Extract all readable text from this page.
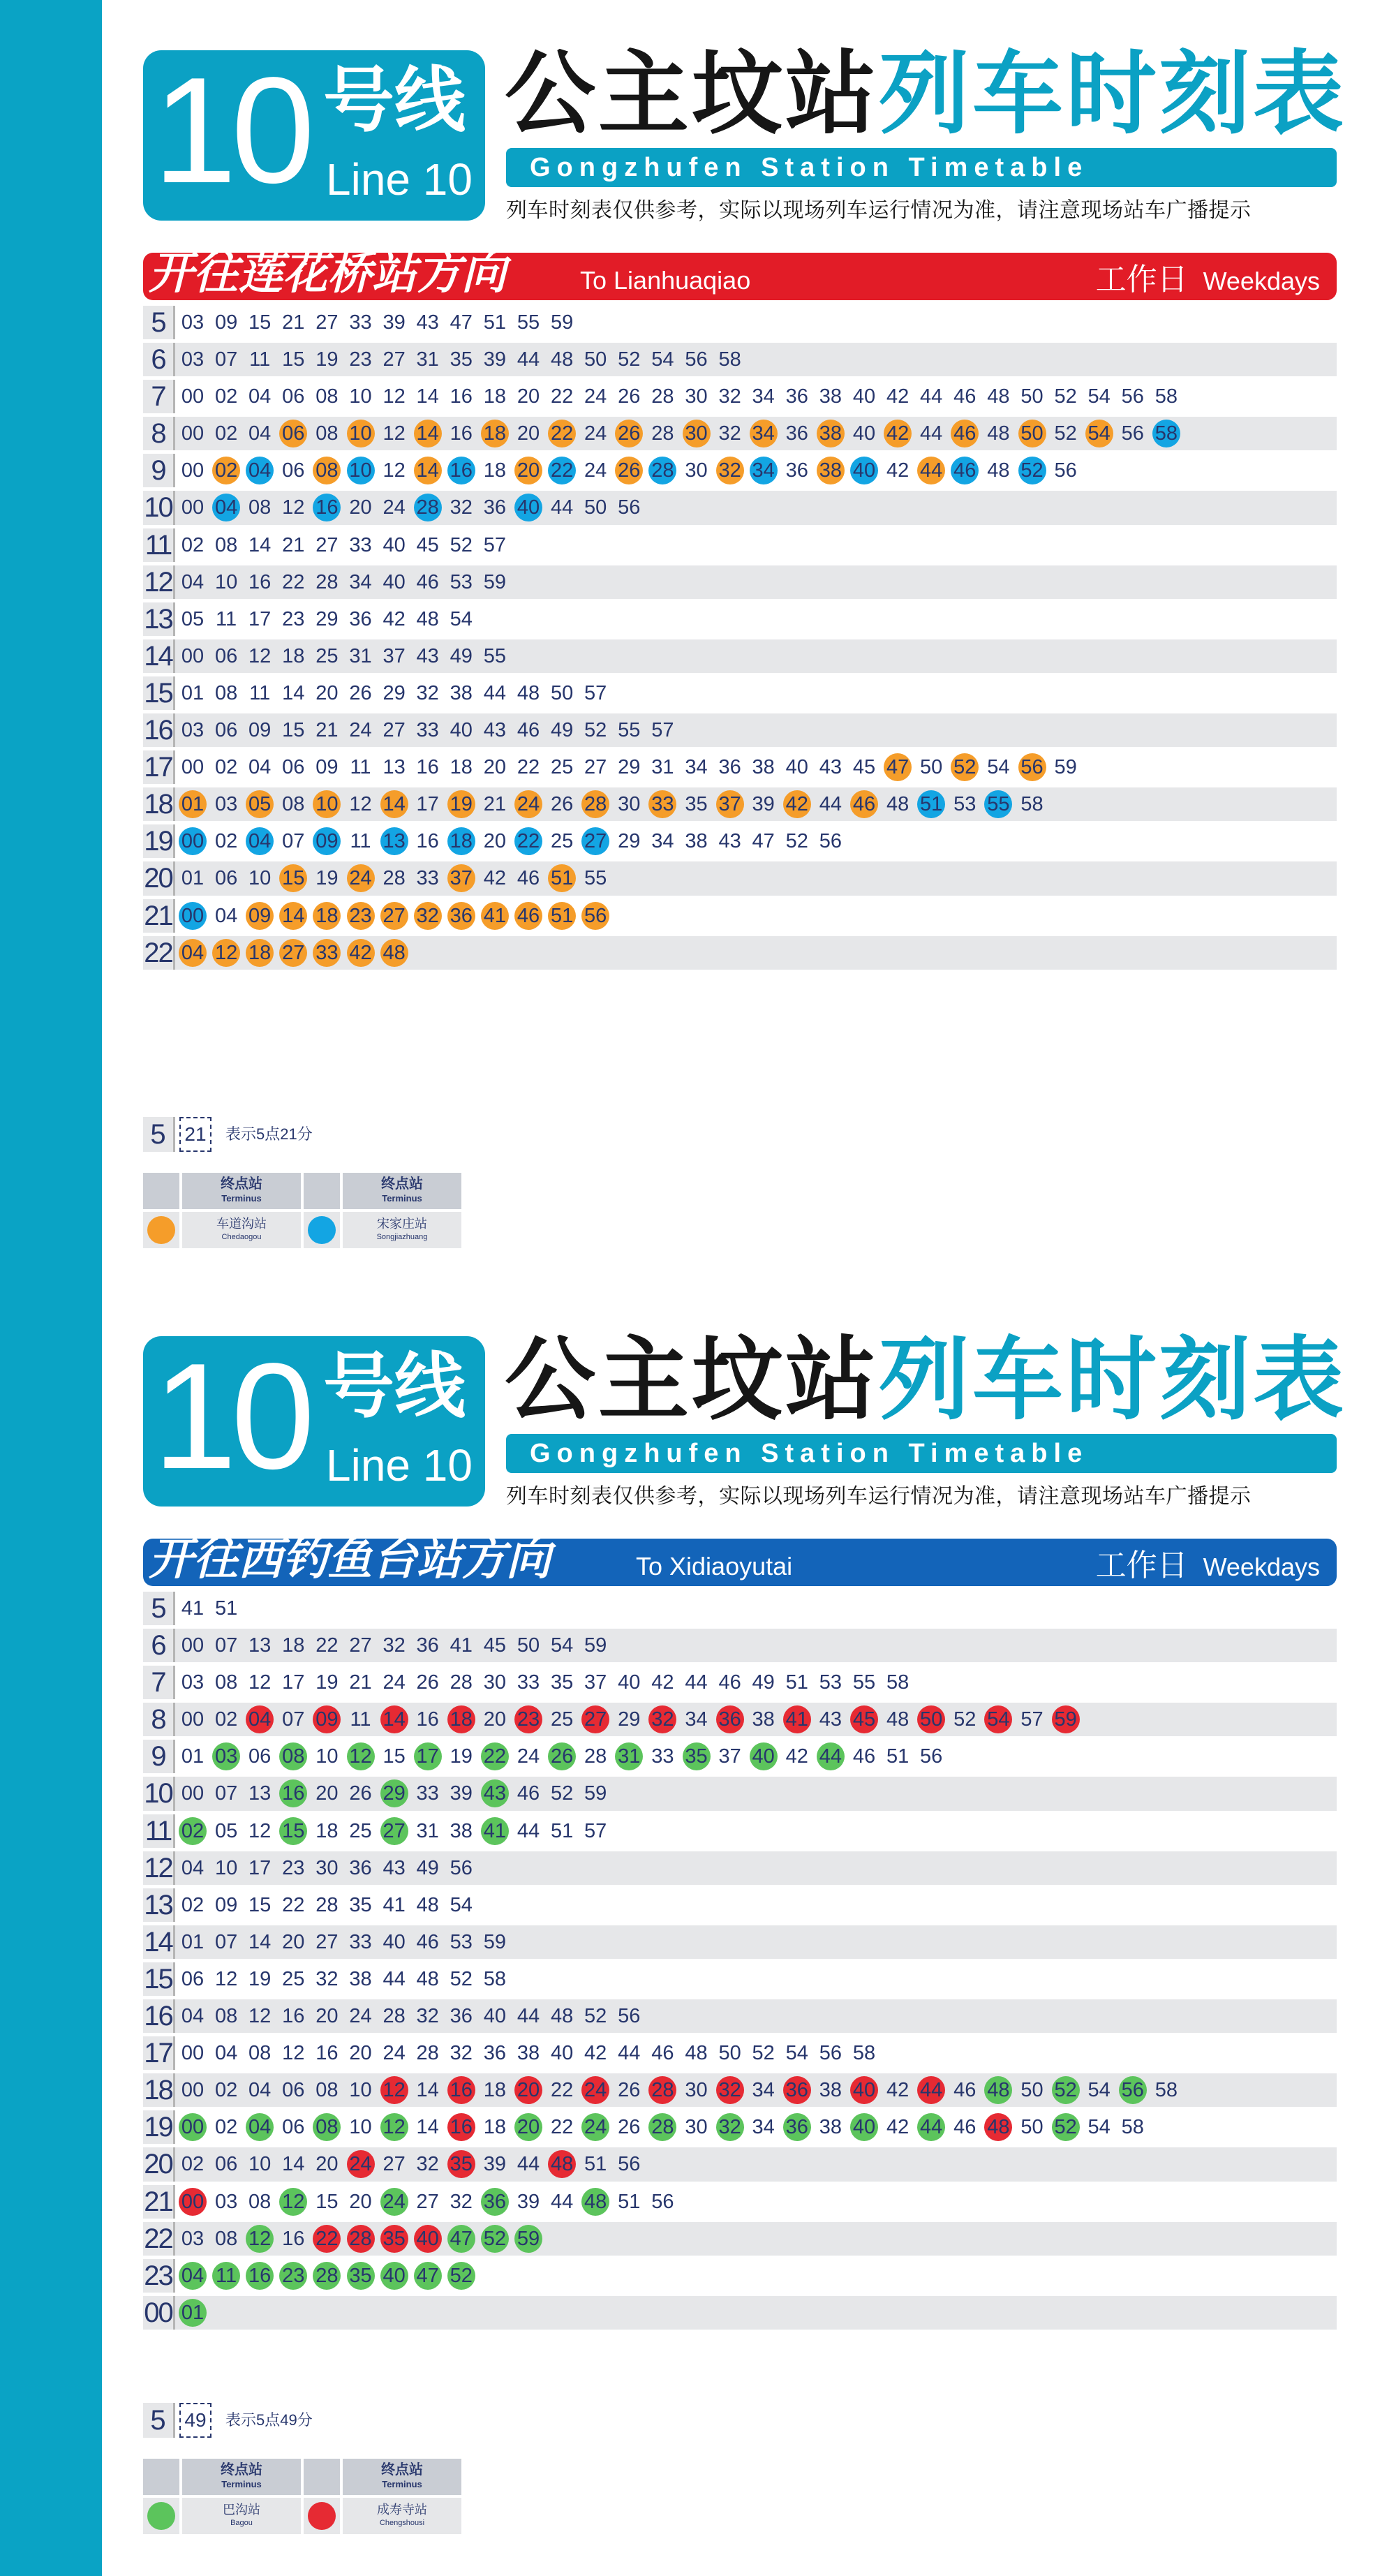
10 号线
Line 10
公主坟站列车时刻表
Gongzhufen Station Timetable
列车时刻表仅供参考，实际以现场列车运行情况为准，请注意现场站车广播提示
开往莲花桥站方向	To Lianhuaqiao	工作日 Weekdays
5 03 09 15 21 27 33 39 43 47 51 55 59
6 03 07 11 15 19 23 27 31 35 39 44 48 50 52 54 56 58
7 00 02 04 06 08 10 12 14 16 18 20 22 24 26 28 30 32 34 36 38 40 42 44 46 48 50 52 54 56 58
8 00 02 04 06 08 10 12 14 16 18 20 22 24 26 28 30 32 34 36 38 40 42 44 46 48 50 52 54 56 58
9 00 02 04 06 08 10 12 14 16 18 20 22 24 26 28 30 32 34 36 38 40 42 44 46 48 52 56
10 00 04 08 12 16 20 24 28 32 36 40 44 50 56
11 02 08 14 21 27 33 40 45 52 57
12 04 10 16 22 28 34 40 46 53 59
13 05 11 17 23 29 36 42 48 54
14 00 06 12 18 25 31 37 43 49 55
15 01 08 11 14 20 26 29 32 38 44 48 50 57
16 03 06 09 15 21 24 27 33 40 43 46 49 52 55 57
17 00 02 04 06 09 11 13 16 18 20 22 25 27 29 31 34 36 38 40 43 45 47 50 52 54 56 59
18 01 03 05 08 10 12 14 17 19 21 24 26 28 30 33 35 37 39 42 44 46 48 51 53 55 58
19 00 02 04 07 09 11 13 16 18 20 22 25 27 29 34 38 43 47 52 56
20 01 06 10 15 19 24 28 33 37 42 46 51 55
21 00 04 09 14 18 23 27 32 36 41 46 51 56
22 04 12 18 27 33 42 48
5 21	表示5点21分
终点站
Terminus
车道沟站
Chedaogou
终点站
Terminus
宋家庄站
Songjiazhuang
10 号线
Line 10
公主坟站列车时刻表
Gongzhufen Station Timetable
列车时刻表仅供参考，实际以现场列车运行情况为准，请注意现场站车广播提示
开往西钓鱼台站方向	To Xidiaoyutai	工作日 Weekdays
5 41 51
6 00 07 13 18 22 27 32 36 41 45 50 54 59
7 03 08 12 17 19 21 24 26 28 30 33 35 37 40 42 44 46 49 51 53 55 58
8 00 02 04 07 09 11 14 16 18 20 23 25 27 29 32 34 36 38 41 43 45 48 50 52 54 57 59
9 01 03 06 08 10 12 15 17 19 22 24 26 28 31 33 35 37 40 42 44 46 51 56
10 00 07 13 16 20 26 29 33 39 43 46 52 59
11 02 05 12 15 18 25 27 31 38 41 44 51 57
12 04 10 17 23 30 36 43 49 56
13 02 09 15 22 28 35 41 48 54
14 01 07 14 20 27 33 40 46 53 59
15 06 12 19 25 32 38 44 48 52 58
16 04 08 12 16 20 24 28 32 36 40 44 48 52 56
17 00 04 08 12 16 20 24 28 32 36 38 40 42 44 46 48 50 52 54 56 58
18 00 02 04 06 08 10 12 14 16 18 20 22 24 26 28 30 32 34 36 38 40 42 44 46 48 50 52 54 56 58
19 00 02 04 06 08 10 12 14 16 18 20 22 24 26 28 30 32 34 36 38 40 42 44 46 48 50 52 54 58
20 02 06 10 14 20 24 27 32 35 39 44 48 51 56
21 00 03 08 12 15 20 24 27 32 36 39 44 48 51 56
22 03 08 12 16 22 28 35 40 47 52 59
23 04 11 16 23 28 35 40 47 52
00 01
5 49	表示5点49分
终点站
Terminus
巴沟站
Bagou
终点站
Terminus
成寿寺站
Chengshousi
